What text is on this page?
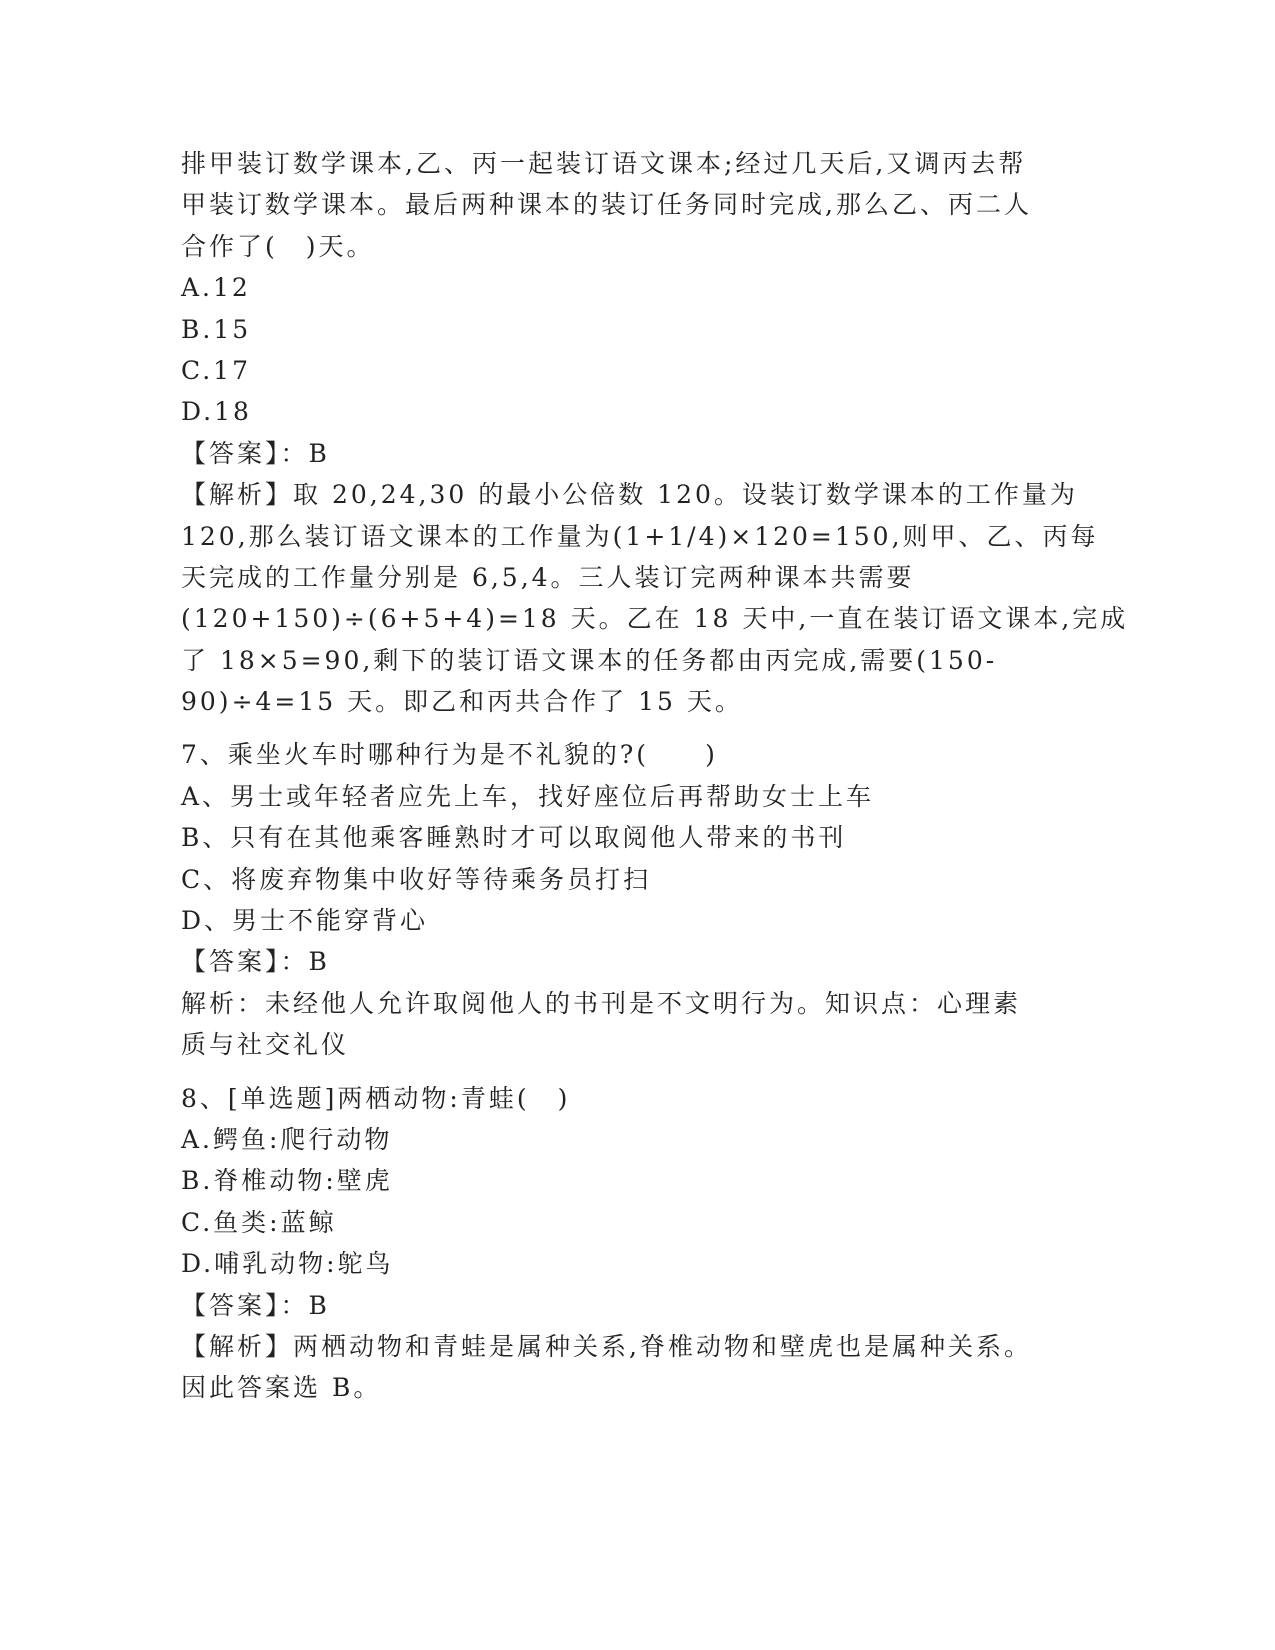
排甲装订数学课本,乙、丙一起装订语文课本;经过几天后,又调丙去帮
甲装订数学课本。最后两种课本的装订任务同时完成,那么乙、丙二人
合作了(　)天。
A.12
B.15
C.17
D.18
【答案】：B
【解析】取 20,24,30 的最小公倍数 120。设装订数学课本的工作量为
120,那么装订语文课本的工作量为(1+1/4)×120=150,则甲、乙、丙每
天完成的工作量分别是 6,5,4。三人装订完两种课本共需要
(120+150)÷(6+5+4)=18 天。乙在 18 天中,一直在装订语文课本,完成
了 18×5=90,剩下的装订语文课本的任务都由丙完成,需要(150-
90)÷4=15 天。即乙和丙共合作了 15 天。
7、乘坐火车时哪种行为是不礼貌的?(　　)
A、男士或年轻者应先上车，找好座位后再帮助女士上车
B、只有在其他乘客睡熟时才可以取阅他人带来的书刊
C、将废弃物集中收好等待乘务员打扫
D、男士不能穿背心
【答案】：B
解析：未经他人允许取阅他人的书刊是不文明行为。知识点：心理素
质与社交礼仪
8、[单选题]两栖动物:青蛙(　)
A.鳄鱼:爬行动物
B.脊椎动物:壁虎
C.鱼类:蓝鲸
D.哺乳动物:鸵鸟
【答案】：B
【解析】两栖动物和青蛙是属种关系,脊椎动物和壁虎也是属种关系。
因此答案选 B。
